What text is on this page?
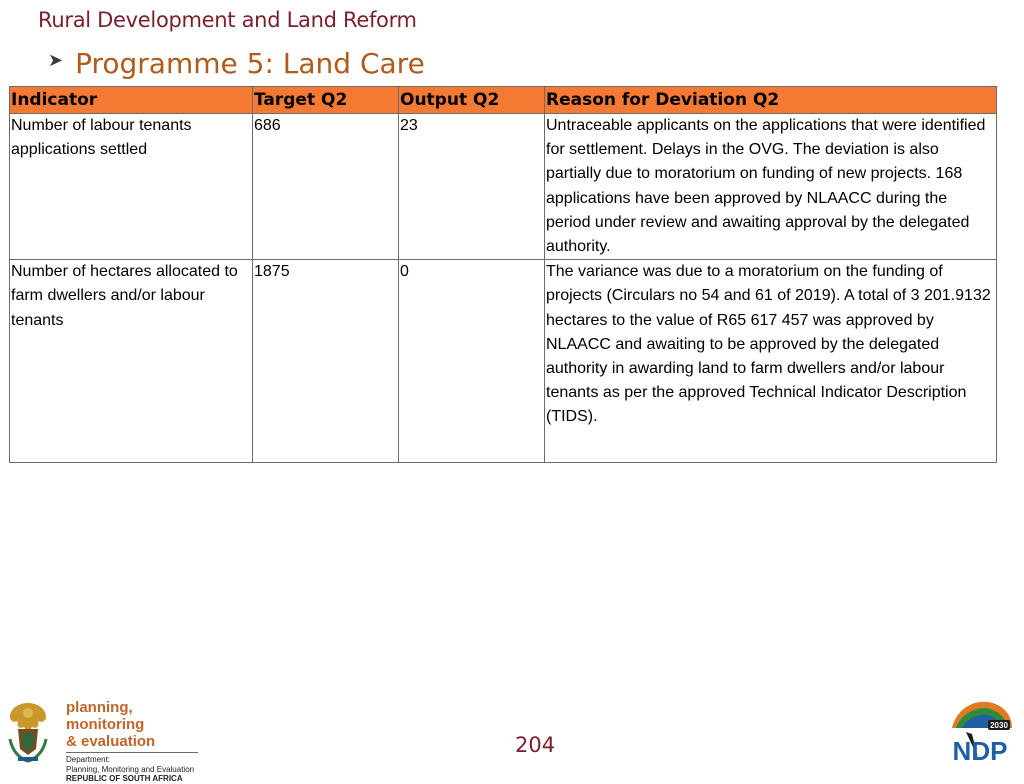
Rural Development and Land Reform
➤ Programme 5: Land Care
Indicator	Target Q2	Output Q2	Reason for Deviation Q2
Number of labour tenants applications settled	686	23	Untraceable applicants on the applications that were identified for settlement. Delays in the OVG. The deviation is also partially due to moratorium on funding of new projects. 168 applications have been approved by NLAACC during the period under review and awaiting approval by the delegated authority.
Number of hectares allocated to farm dwellers and/or labour tenants	1875	0	The variance was due to a moratorium on the funding of projects (Circulars no 54 and 61 of 2019). A total of 3 201.9132 hectares to the value of R65 617 457 was approved by NLAACC and awaiting to be approved by the delegated authority in awarding land to farm dwellers and/or labour tenants as per the approved Technical Indicator Description (TIDS).
planning, monitoring
& evaluation
Department:
Planning, Monitoring and Evaluation
REPUBLIC OF SOUTH AFRICA
204
2030
NDP
